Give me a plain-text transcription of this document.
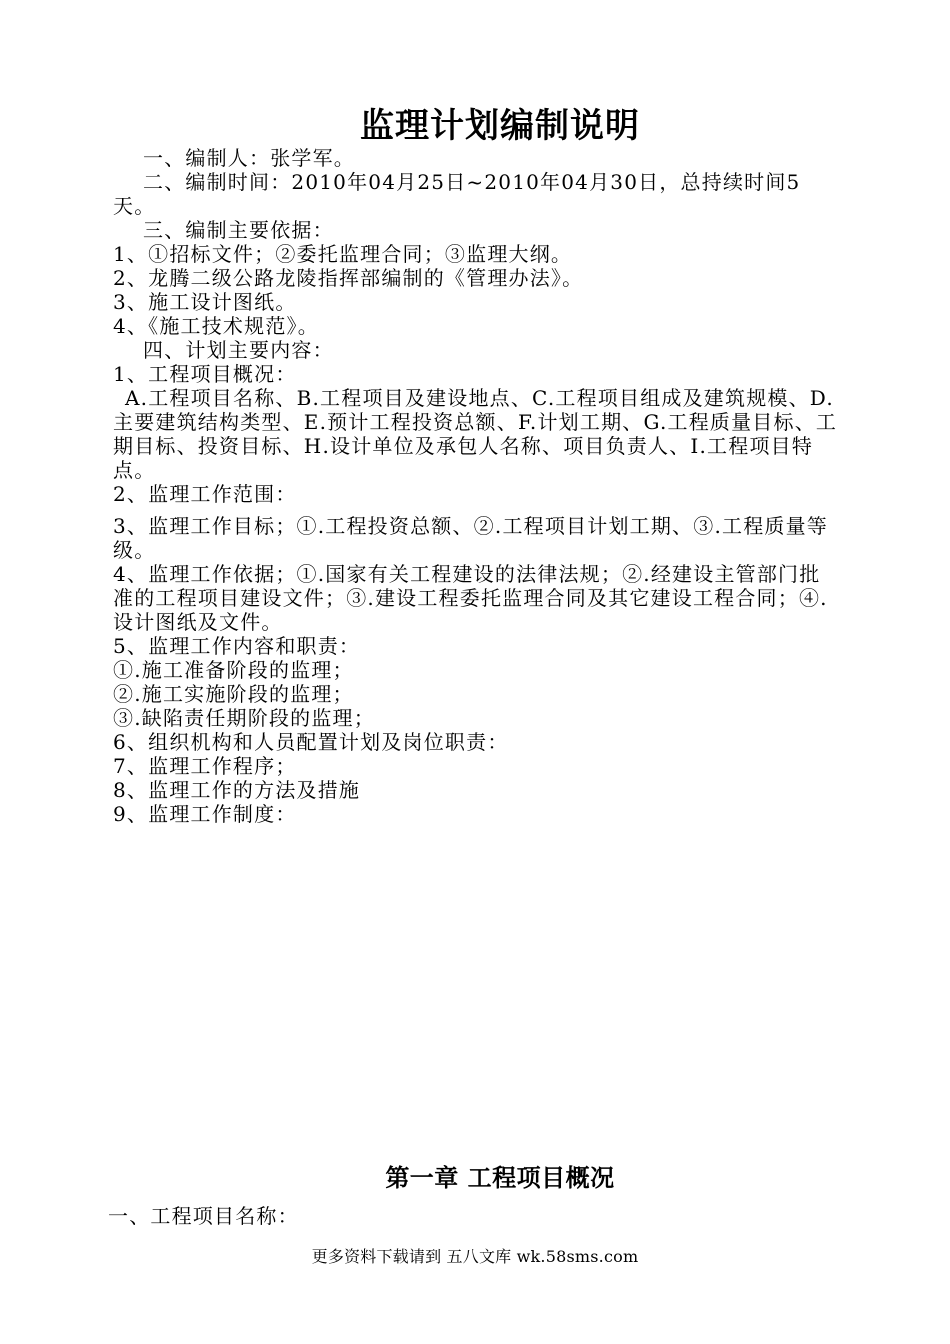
监理计划编制说明

一、编制人：张学军。

二、编制时间：2010年04月25日~2010年04月30日，总持续时间5天。

三、编制主要依据：

1、①招标文件；②委托监理合同；③监理大纲。

2、龙腾二级公路龙陵指挥部编制的《管理办法》。

3、施工设计图纸。

4、《施工技术规范》。

四、计划主要内容：

1、工程项目概况：

A.工程项目名称、B.工程项目及建设地点、C.工程项目组成及建筑规模、D.主要建筑结构类型、E.预计工程投资总额、F.计划工期、G.工程质量目标、工期目标、投资目标、H.设计单位及承包人名称、项目负责人、I.工程项目特点。

2、监理工作范围：

3、监理工作目标；①.工程投资总额、②.工程项目计划工期、③.工程质量等级。

4、监理工作依据；①.国家有关工程建设的法律法规；②.经建设主管部门批准的工程项目建设文件；③.建设工程委托监理合同及其它建设工程合同；④.设计图纸及文件。

5、监理工作内容和职责：

①.施工准备阶段的监理；

②.施工实施阶段的监理；

③.缺陷责任期阶段的监理；

6、组织机构和人员配置计划及岗位职责：

7、监理工作程序；

8、监理工作的方法及措施

9、监理工作制度：

第一章 工程项目概况
一、工程项目名称：
更多资料下载请到 五八文库 wk.58sms.com
